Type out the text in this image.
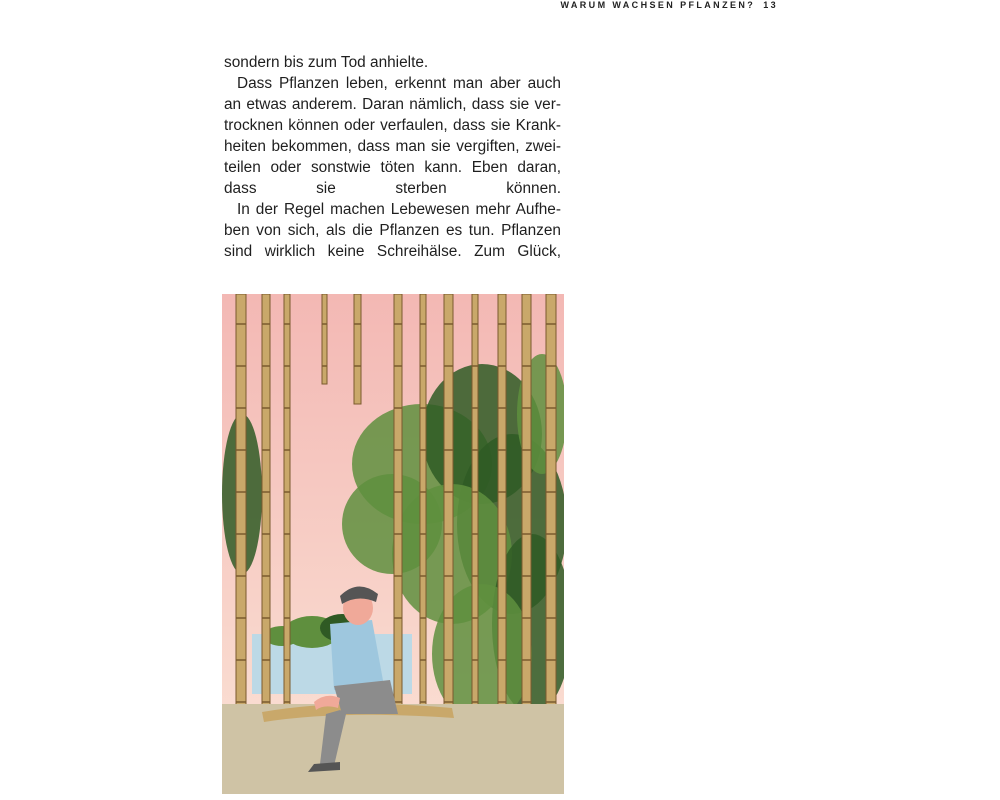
WARUM WACHSEN PFLANZEN? 13

sondern bis zum Tod anhielte.

Dass Pflanzen leben, erkennt man aber auch an etwas anderem. Daran nämlich, dass sie vertrocknen können oder verfaulen, dass sie Krankheiten bekommen, dass man sie vergiften, zweiteilen oder sonstwie töten kann. Eben daran, dass sie sterben können.

In der Regel machen Lebewesen mehr Aufheben von sich, als die Pflanzen es tun. Pflanzen sind wirklich keine Schreihälse. Zum Glück,
